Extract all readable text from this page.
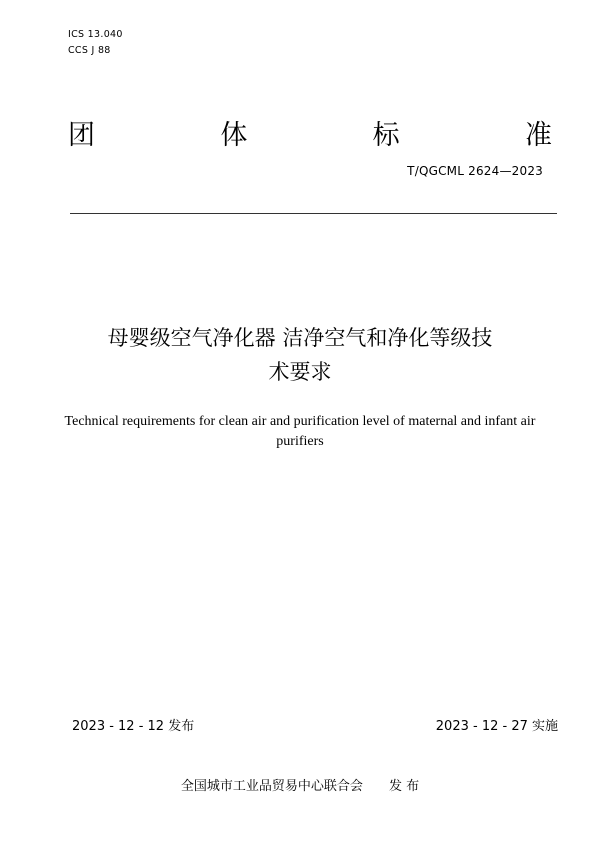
ICS 13.040
CCS J 88
团	体	标	准
T/QGCML 2624—2023
母婴级空气净化器 洁净空气和净化等级技
术要求
Technical requirements for clean air and purification level of maternal and infant air
purifiers
2023 - 12 - 12 发布	2023 - 12 - 27 实施
全国城市工业品贸易中心联合会 发 布
